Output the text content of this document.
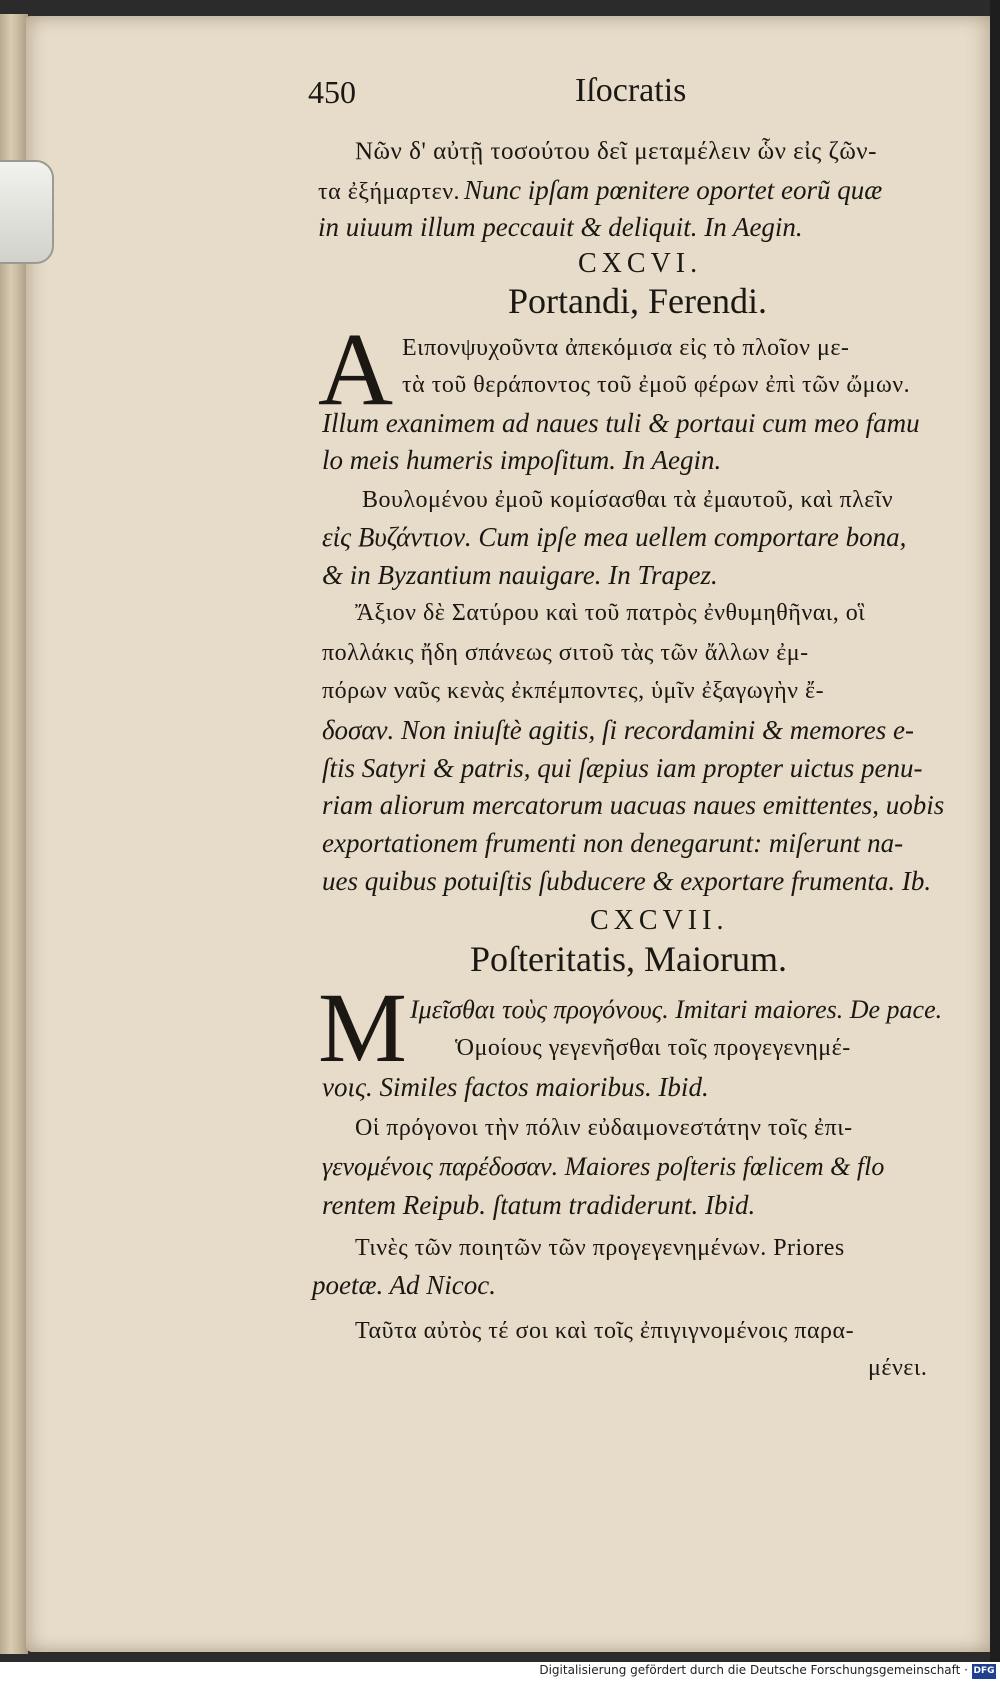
450	Iſocratis
Νῶν δ' αὐτῇ τοσούτου δεῖ μεταμέλειν ὧν εἰς ζῶν-
τα ἐξήμαρτεν. Nunc ipſam pœnitere oportet eorũ quæ
in uiuum illum peccauit & deliquit. In Aegin.
CXCVI.
Portandi, Ferendi.
A Ειπονψυχοῦντα ἀπεκόμισα εἰς τὸ πλοῖον με-
τὰ τοῦ θεράποντος τοῦ ἐμοῦ φέρων ἐπὶ τῶν ὤμων.
Illum exanimem ad naues tuli & portaui cum meo famu
lo meis humeris impoſitum. In Aegin.
Βουλομένου ἐμοῦ κομίσασθαι τὰ ἐμαυτοῦ, καὶ πλεῖν
εἰς Βυζάντιον. Cum ipſe mea uellem comportare bona,
& in Byzantium nauigare. In Trapez.
Ἄξιον δὲ Σατύρου καὶ τοῦ πατρὸς ἐνθυμηθῆναι, οἳ
πολλάκις ἤδη σπάνεως σιτοῦ τὰς τῶν ἄλλων ἐμ-
πόρων ναῦς κενὰς ἐκπέμποντες, ὑμῖν ἐξαγωγὴν ἔ-
δοσαν. Non iniuſtè agitis, ſi recordamini & memores e-
ſtis Satyri & patris, qui ſæpius iam propter uictus penu-
riam aliorum mercatorum uacuas naues emittentes, uobis
exportationem frumenti non denegarunt: miſerunt na-
ues quibus potuiſtis ſubducere & exportare frumenta. Ib.
CXCVII.
Poſteritatis, Maiorum.
M Ιμεῖσθαι τοὺς προγόνους. Imitari maiores. De pace.
Ὁμοίους γεγενῆσθαι τοῖς προγεγενημέ-
νοις. Similes factos maioribus. Ibid.
Οἱ πρόγονοι τὴν πόλιν εὐδαιμονεστάτην τοῖς ἐπι-
γενομένοις παρέδοσαν. Maiores poſteris fœlicem & flo
rentem Reipub. ſtatum tradiderunt. Ibid.
Τινὲς τῶν ποιητῶν τῶν προγεγενημένων. Priores
poetæ. Ad Nicoc.
Ταῦτα αὐτὸς τέ σοι καὶ τοῖς ἐπιγιγνομένοις παρα-
μένει.
Digitalisierung gefördert durch die Deutsche Forschungsgemeinschaft · DFG
